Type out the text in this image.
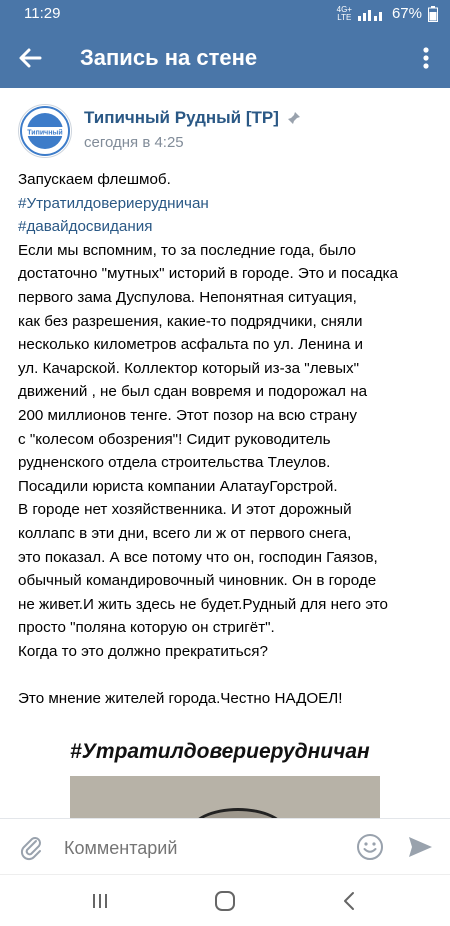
11:29	4G+
LTE	67%
Запись на стене
Типичный
Типичный Рудный [ТР]
сегодня в 4:25
Запускаем флешмоб.
#Утратилдовериерудничан
#давайдосвидания
Если мы вспомним, то за последние года, было
достаточно "мутных" историй в городе. Это и посадка
первого зама Дуспулова. Непонятная ситуация,
как без разрешения, какие-то подрядчики, сняли
несколько километров асфальта по ул. Ленина и
ул. Качарской. Коллектор который из-за "левых"
движений , не был сдан вовремя и подорожал на
200 миллионов тенге. Этот позор на всю страну
с "колесом обозрения"! Сидит руководитель
рудненского отдела строительства Тлеулов.
Посадили юриста компании АлатауГорстрой.
В городе нет хозяйственника. И этот дорожный
коллапс в эти дни, всего ли ж от первого снега,
это показал. А все потому что он, господин Гаязов,
обычный командировочный чиновник. Он в городе
не живет.И жить здесь не будет.Рудный для него это
просто "поляна которую он стригёт".
Когда то это должно прекратиться?
Это мнение жителей города.Честно НАДОЕЛ!
#Утратилдовериерудничан
Комментарий
